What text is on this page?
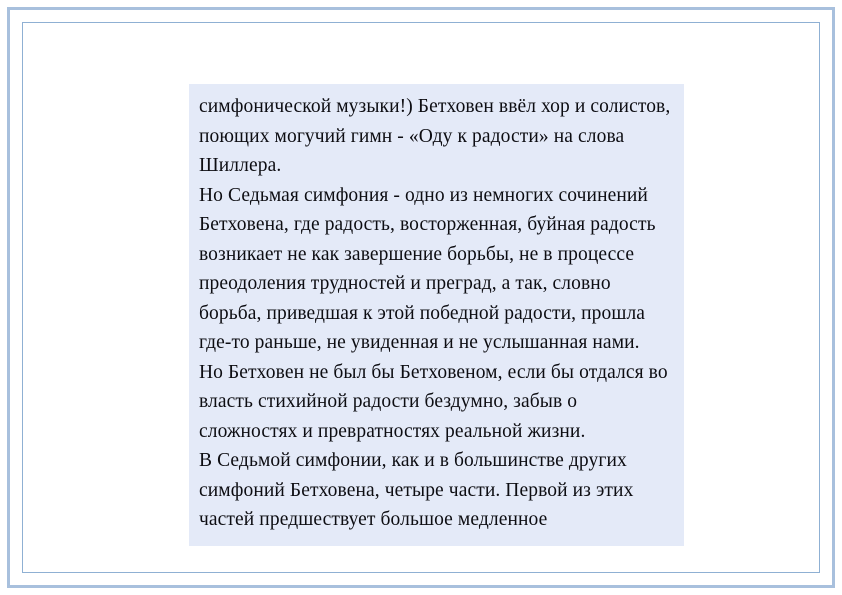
симфонической музыки!) Бетховен ввёл хор и солистов, поющих могучий гимн - «Оду к радости» на слова Шиллера.

Но Седьмая симфония - одно из немногих сочинений Бетховена, где радость, восторженная, буйная радость возникает не как завершение борьбы, не в процессе преодоления трудностей и преград, а так, словно борьба, приведшая к этой победной радости, прошла где-то раньше, не увиденная и не услышанная нами.

Но Бетховен не был бы Бетховеном, если бы отдался во власть стихийной радости бездумно, забыв о сложностях и превратностях реальной жизни.

В Седьмой симфонии, как и в большинстве других симфоний Бетховена, четыре части. Первой из этих частей предшествует большое медленное
